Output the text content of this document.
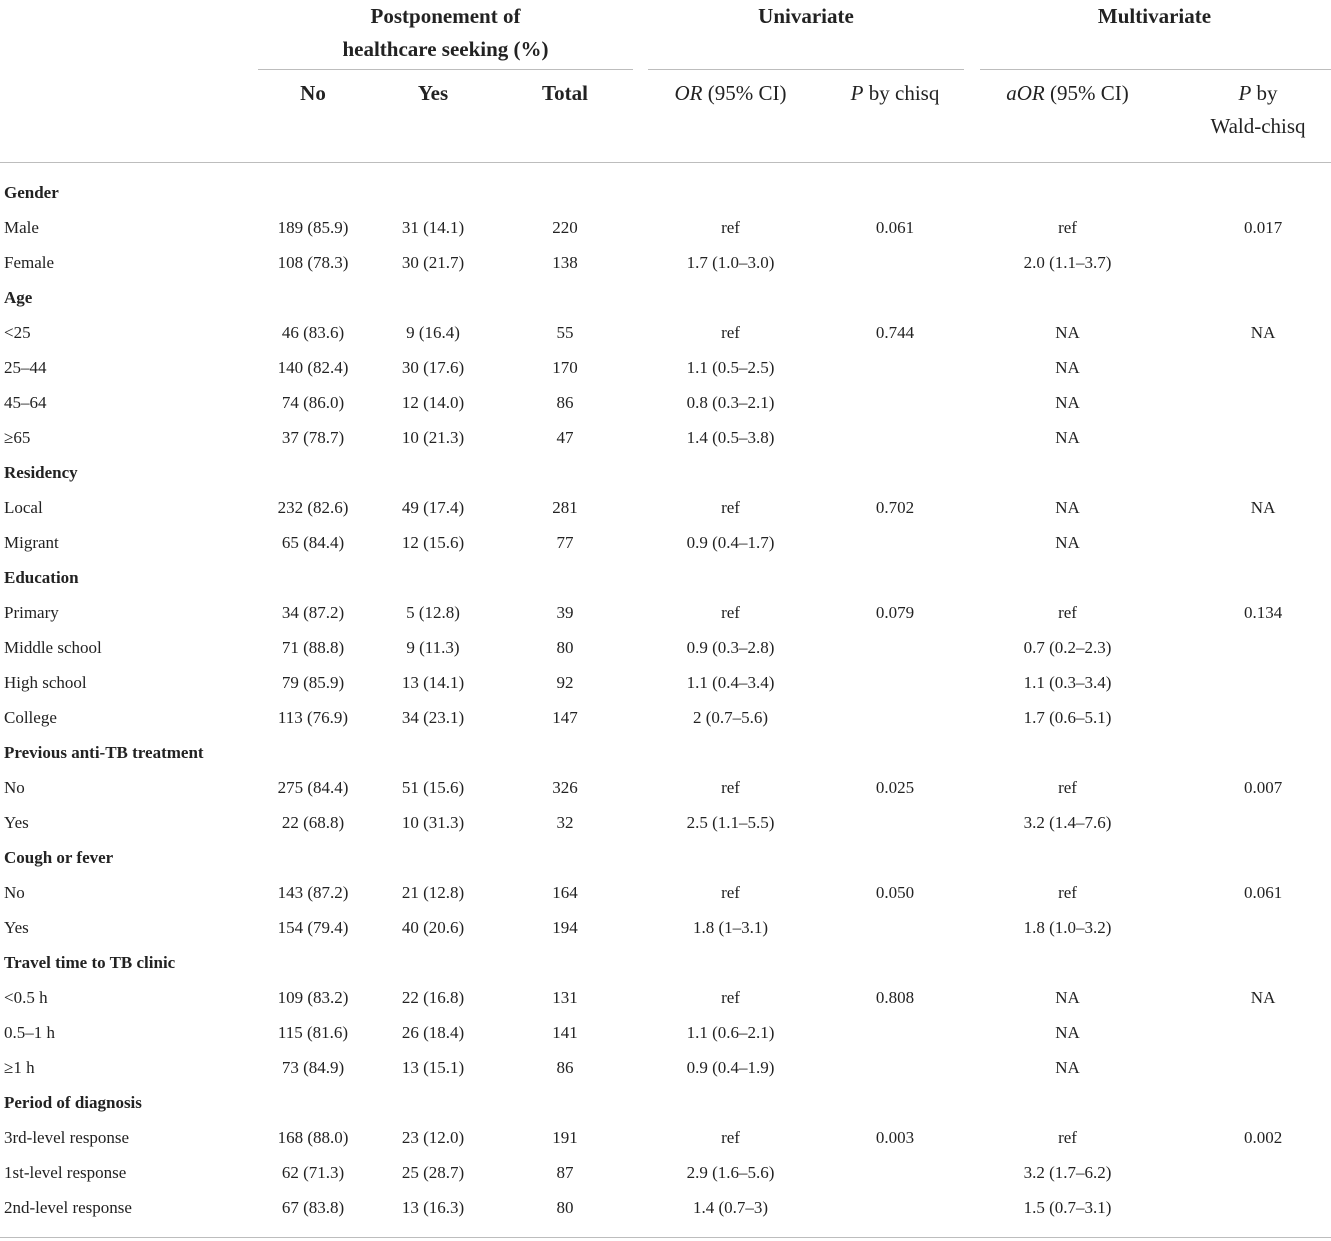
Postponement of
healthcare seeking (%)
Univariate	Multivariate
No	Yes	Total	OR (95% CI)	P by chisq	aOR (95% CI)	P by
Wald-chisq
Gender													
Male	189 (85.9)		31 (14.1)		220		ref		0.061		ref		0.017
Female	108 (78.3)		30 (21.7)		138		1.7 (1.0–3.0)				2.0 (1.1–3.7)		
Age													
<25	46 (83.6)		9 (16.4)		55		ref		0.744		NA		NA
25–44	140 (82.4)		30 (17.6)		170		1.1 (0.5–2.5)				NA		
45–64	74 (86.0)		12 (14.0)		86		0.8 (0.3–2.1)				NA		
≥65	37 (78.7)		10 (21.3)		47		1.4 (0.5–3.8)				NA		
Residency													
Local	232 (82.6)		49 (17.4)		281		ref		0.702		NA		NA
Migrant	65 (84.4)		12 (15.6)		77		0.9 (0.4–1.7)				NA		
Education													
Primary	34 (87.2)		5 (12.8)		39		ref		0.079		ref		0.134
Middle school	71 (88.8)		9 (11.3)		80		0.9 (0.3–2.8)				0.7 (0.2–2.3)		
High school	79 (85.9)		13 (14.1)		92		1.1 (0.4–3.4)				1.1 (0.3–3.4)		
College	113 (76.9)		34 (23.1)		147		2 (0.7–5.6)				1.7 (0.6–5.1)		
Previous anti-TB treatment													
No	275 (84.4)		51 (15.6)		326		ref		0.025		ref		0.007
Yes	22 (68.8)		10 (31.3)		32		2.5 (1.1–5.5)				3.2 (1.4–7.6)		
Cough or fever													
No	143 (87.2)		21 (12.8)		164		ref		0.050		ref		0.061
Yes	154 (79.4)		40 (20.6)		194		1.8 (1–3.1)				1.8 (1.0–3.2)		
Travel time to TB clinic													
<0.5 h	109 (83.2)		22 (16.8)		131		ref		0.808		NA		NA
0.5–1 h	115 (81.6)		26 (18.4)		141		1.1 (0.6–2.1)				NA		
≥1 h	73 (84.9)		13 (15.1)		86		0.9 (0.4–1.9)				NA		
Period of diagnosis													
3rd-level response	168 (88.0)		23 (12.0)		191		ref		0.003		ref		0.002
1st-level response	62 (71.3)		25 (28.7)		87		2.9 (1.6–5.6)				3.2 (1.7–6.2)		
2nd-level response	67 (83.8)		13 (16.3)		80		1.4 (0.7–3)				1.5 (0.7–3.1)		
